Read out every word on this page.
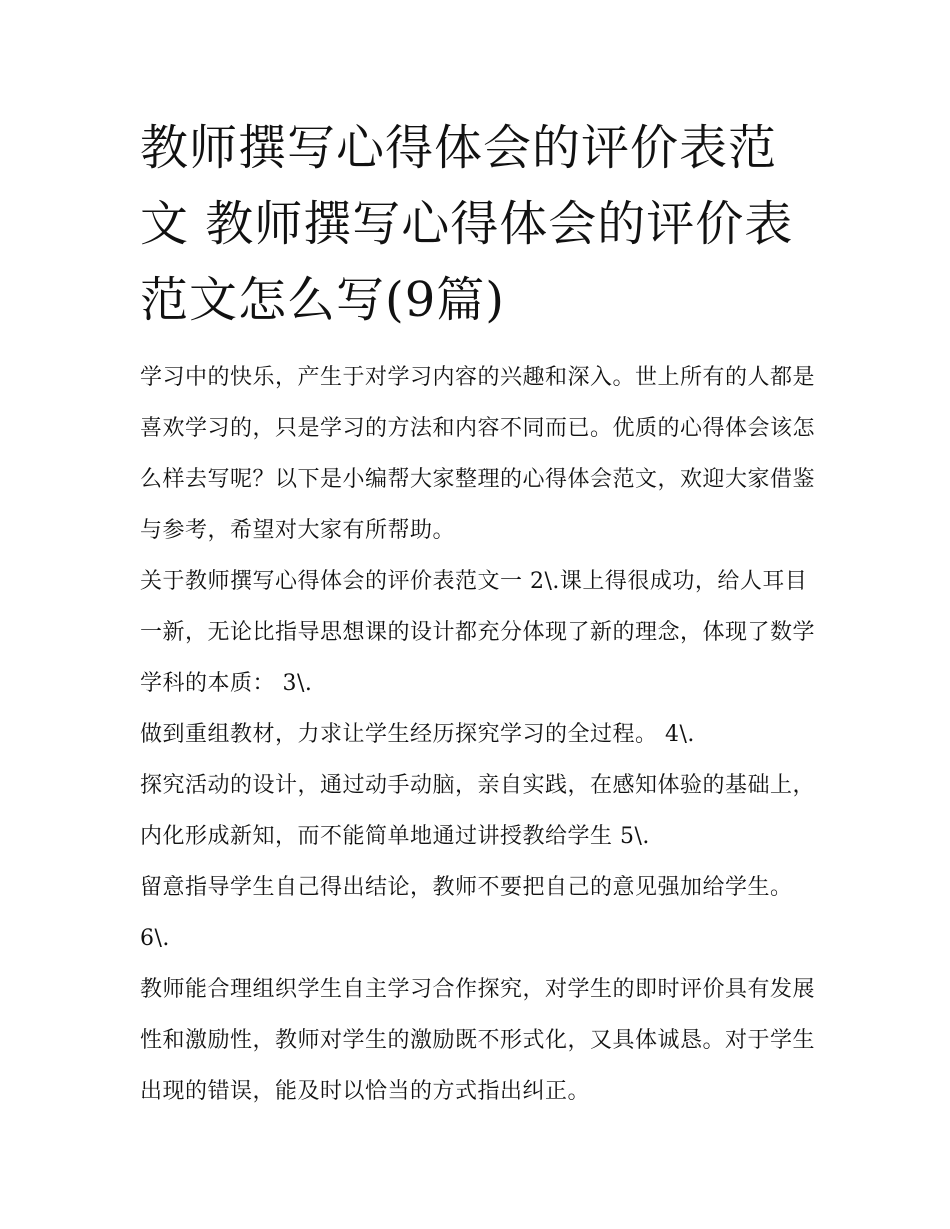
教师撰写心得体会的评价表范文 教师撰写心得体会的评价表范文怎么写(9篇)

学习中的快乐，产生于对学习内容的兴趣和深入。世上所有的人都是喜欢学习的，只是学习的方法和内容不同而已。优质的心得体会该怎么样去写呢？以下是小编帮大家整理的心得体会范文，欢迎大家借鉴与参考，希望对大家有所帮助。

关于教师撰写心得体会的评价表范文一 2\.课上得很成功，给人耳目一新，无论比指导思想课的设计都充分体现了新的理念，体现了数学学科的本质： 3\.

做到重组教材，力求让学生经历探究学习的全过程。 4\.

探究活动的设计，通过动手动脑，亲自实践，在感知体验的基础上，内化形成新知，而不能简单地通过讲授教给学生 5\.

留意指导学生自己得出结论，教师不要把自己的意见强加给学生。 6\.

教师能合理组织学生自主学习合作探究，对学生的即时评价具有发展性和激励性，教师对学生的激励既不形式化，又具体诚恳。对于学生出现的错误，能及时以恰当的方式指出纠正。
